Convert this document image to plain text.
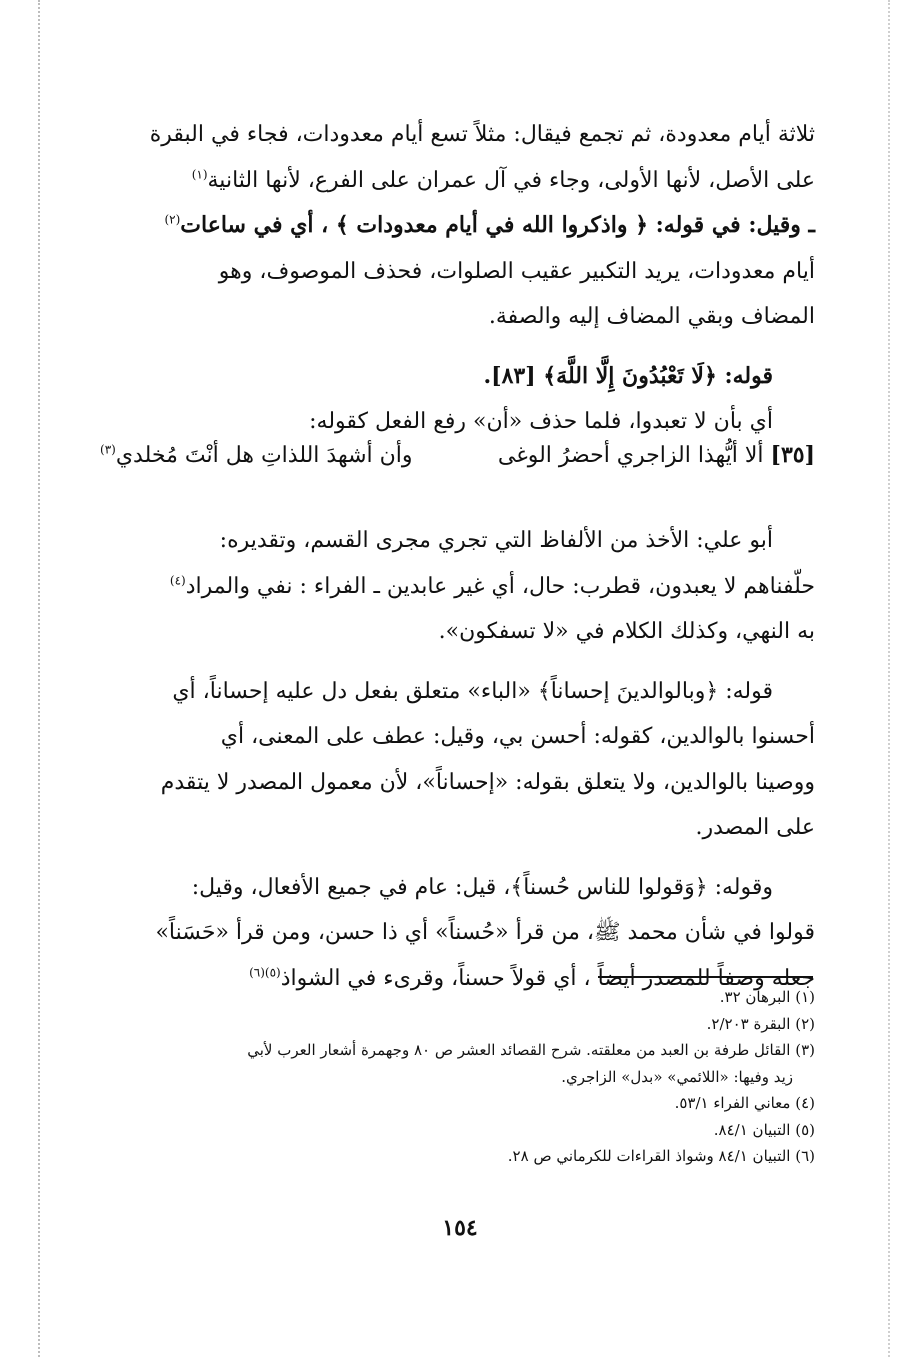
ثلاثة أيام معدودة، ثم تجمع فيقال: مثلاً تسع أيام معدودات، فجاء في البقرة
على الأصل، لأنها الأولى، وجاء في آل عمران على الفرع، لأنها الثانية$^{(١)}$
ـ وقيل: في قوله: ﴿ واذكروا الله في أيام معدودات ﴾ ، أي في ساعات$^{(٢)}$
أيام معدودات، يريد التكبير عقيب الصلوات، فحذف الموصوف، وهو
المضاف وبقي المضاف إليه والصفة.

قوله: ﴿لَا تَعْبُدُونَ إِلَّا اللَّهَ﴾ [٨٣].
أي بأن لا تعبدوا، فلما حذف «أن» رفع الفعل كقوله:

[٣٥] ألا أيُّهذا الزاجري أحضرُ الوغى
وأن أشهدَ اللذاتِ هل أنْتَ مُخلدي$^{(٣)}$

أبو علي: الأخذ من الألفاظ التي تجري مجرى القسم، وتقديره:
حلّفناهم لا يعبدون، قطرب: حال، أي غير عابدين ـ الفراء : نفي والمراد$^{(٤)}$
به النهي، وكذلك الكلام في «لا تسفكون».

قوله: ﴿وبالوالدينَ إحساناً﴾ «الباء» متعلق بفعل دل عليه إحساناً، أي
أحسنوا بالوالدين، كقوله: أحسن بي، وقيل: عطف على المعنى، أي
ووصينا بالوالدين، ولا يتعلق بقوله: «إحساناً»، لأن معمول المصدر لا يتقدم
على المصدر.

وقوله: ﴿وَقولوا للناس حُسناً﴾، قيل: عام في جميع الأفعال، وقيل:
قولوا في شأن محمد ﷺ، من قرأ «حُسناً» أي ذا حسن، ومن قرأ «حَسَناً»
جعله وصفاً للمصدر أيضاً ، أي قولاً حسناً، وقرىء في الشواذ$^{(٥)(٦)}$

(١) البرهان ٣٢.

(٢) البقرة ٢/٢٠٣.

(٣) القائل طرفة بن العبد من معلقته. شرح القصائد العشر ص ٨٠ وجهمرة أشعار العرب لأبي

زيد وفيها: «اللائمي» «بدل» الزاجري.

(٤) معاني الفراء ٥٣/١.

(٥) التبيان ٨٤/١.

(٦) التبيان ٨٤/١ وشواذ القراءات للكرماني ص ٢٨.

١٥٤
